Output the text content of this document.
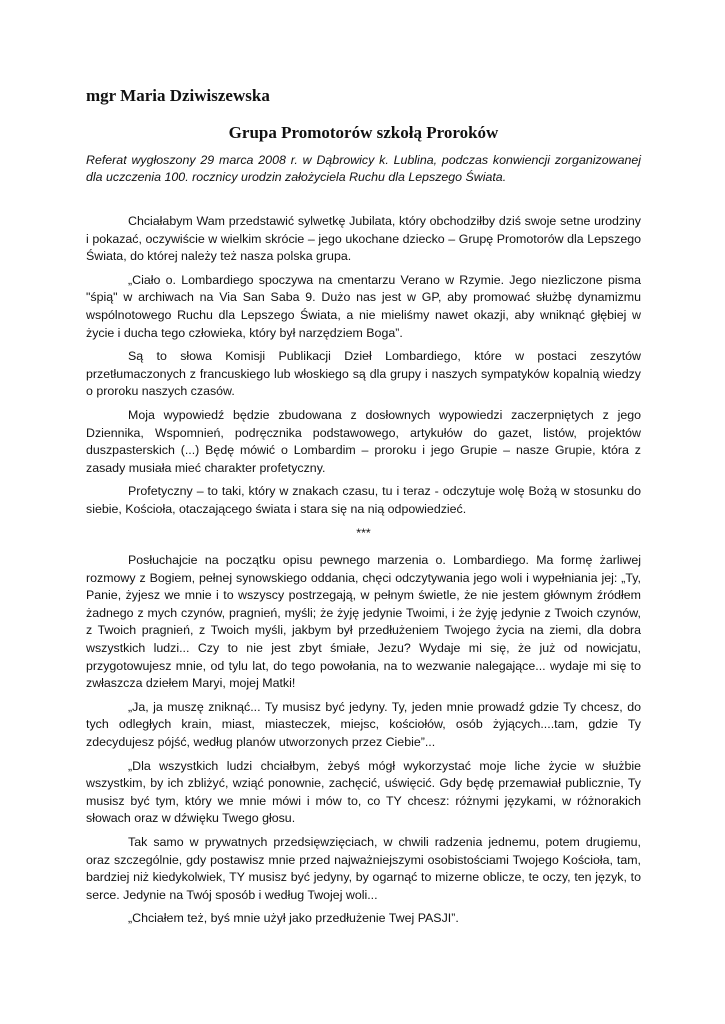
mgr Maria Dziwiszewska
Grupa Promotorów szkołą Proroków
Referat wygłoszony 29 marca 2008 r. w Dąbrowicy k. Lublina, podczas konwiencji zorganizowanej dla uczczenia 100. rocznicy urodzin założyciela Ruchu dla Lepszego Świata.

Chciałabym Wam przedstawić sylwetkę Jubilata, który obchodziłby dziś swoje setne urodziny i pokazać, oczywiście w wielkim skrócie – jego ukochane dziecko – Grupę Promotorów dla Lepszego Świata, do której należy też nasza polska grupa.

„Ciało o. Lombardiego spoczywa na cmentarzu Verano w Rzymie. Jego niezliczone pisma "śpią" w archiwach na Via San Saba 9. Dużo nas jest w GP, aby promować służbę dynamizmu wspólnotowego Ruchu dla Lepszego Świata, a nie mieliśmy nawet okazji, aby wniknąć głębiej w życie i ducha tego człowieka, który był narzędziem Boga”.

Są to słowa Komisji Publikacji Dzieł Lombardiego, które w postaci zeszytów przetłumaczonych z francuskiego lub włoskiego są dla grupy i naszych sympatyków kopalnią wiedzy o proroku naszych czasów.

Moja wypowiedź będzie zbudowana z dosłownych wypowiedzi zaczerpniętych z jego Dziennika, Wspomnień, podręcznika podstawowego, artykułów do gazet, listów, projektów duszpasterskich (...) Będę mówić o Lombardim – proroku i jego Grupie – nasze Grupie, która z zasady musiała mieć charakter profetyczny.

Profetyczny – to taki, który w znakach czasu, tu i teraz - odczytuje wolę Bożą w stosunku do siebie, Kościoła, otaczającego świata i stara się na nią odpowiedzieć.

***

Posłuchajcie na początku opisu pewnego marzenia o. Lombardiego. Ma formę żarliwej rozmowy z Bogiem, pełnej synowskiego oddania, chęci odczytywania jego woli i wypełniania jej: „Ty, Panie, żyjesz we mnie i to wszyscy postrzegają, w pełnym świetle, że nie jestem głównym źródłem żadnego z mych czynów, pragnień, myśli; że żyję jedynie Twoimi, i że żyję jedynie z Twoich czynów, z Twoich pragnień, z Twoich myśli, jakbym był przedłużeniem Twojego życia na ziemi, dla dobra wszystkich ludzi... Czy to nie jest zbyt śmiałe, Jezu? Wydaje mi się, że już od nowicjatu, przygotowujesz mnie, od tylu lat, do tego powołania, na to wezwanie nalegające... wydaje mi się to zwłaszcza dziełem Maryi, mojej Matki!

„Ja, ja muszę zniknąć... Ty musisz być jedyny. Ty, jeden mnie prowadź gdzie Ty chcesz, do tych odległych krain, miast, miasteczek, miejsc, kościołów, osób żyjących....tam, gdzie Ty zdecydujesz pójść, według planów utworzonych przez Ciebie”...

„Dla wszystkich ludzi chciałbym, żebyś mógł wykorzystać moje liche życie w służbie wszystkim, by ich zbliżyć, wziąć ponownie, zachęcić, uświęcić. Gdy będę przemawiał publicznie, Ty musisz być tym, który we mnie mówi i mów to, co TY chcesz: różnymi językami, w różnorakich słowach oraz w dźwięku Twego głosu.

Tak samo w prywatnych przedsięwzięciach, w chwili radzenia jednemu, potem drugiemu, oraz szczególnie, gdy postawisz mnie przed najważniejszymi osobistościami Twojego Kościoła, tam, bardziej niż kiedykolwiek, TY musisz być jedyny, by ogarnąć to mizerne oblicze, te oczy, ten język, to serce. Jedynie na Twój sposób i według Twojej woli...

„Chciałem też, byś mnie użył jako przedłużenie Twej PASJI”.
